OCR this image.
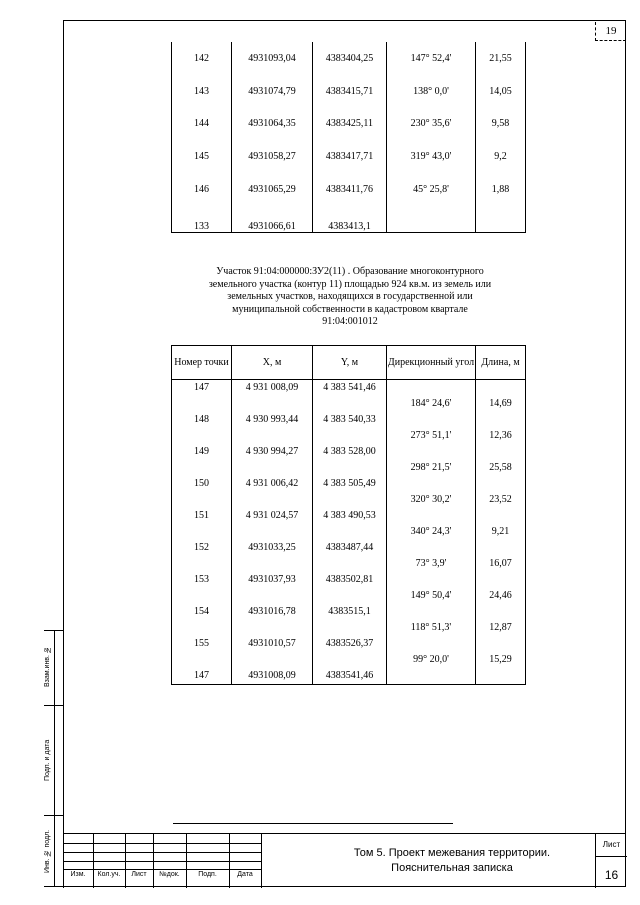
19
Взам.инв. №
Подп. и дата
Инв. № подл.
142	4931093,04	4383404,25	147° 52,4'	21,55
143	4931074,79	4383415,71	138° 0,0'	14,05
144	4931064,35	4383425,11	230° 35,6'	9,58
145	4931058,27	4383417,71	319° 43,0'	9,2
146	4931065,29	4383411,76	45° 25,8'	1,88
133	4931066,61	4383413,1		
Участок 91:04:000000:ЗУ2(11) . Образование многоконтурного
земельного участка (контур 11) площадью 924 кв.м. из земель или
земельных участков, находящихся в государственной или
муниципальной собственности в кадастровом квартале
91:04:001012
Номер точки	X, м	Y, м	Дирекционный угол	Длина, м
147	4 931 008,09	4 383 541,46		
			184° 24,6'	14,69
148	4 930 993,44	4 383 540,33		
			273° 51,1'	12,36
149	4 930 994,27	4 383 528,00		
			298° 21,5'	25,58
150	4 931 006,42	4 383 505,49		
			320° 30,2'	23,52
151	4 931 024,57	4 383 490,53		
			340° 24,3'	9,21
152	4931033,25	4383487,44		
			73° 3,9'	16,07
153	4931037,93	4383502,81		
			149° 50,4'	24,46
154	4931016,78	4383515,1		
			118° 51,3'	12,87
155	4931010,57	4383526,37		
			99° 20,0'	15,29
147	4931008,09	4383541,46		
Изм.	Кол.уч.	Лист	№док.	Подп.	Дата
Том 5. Проект межевания территории.
Пояснительная записка
Лист
16
